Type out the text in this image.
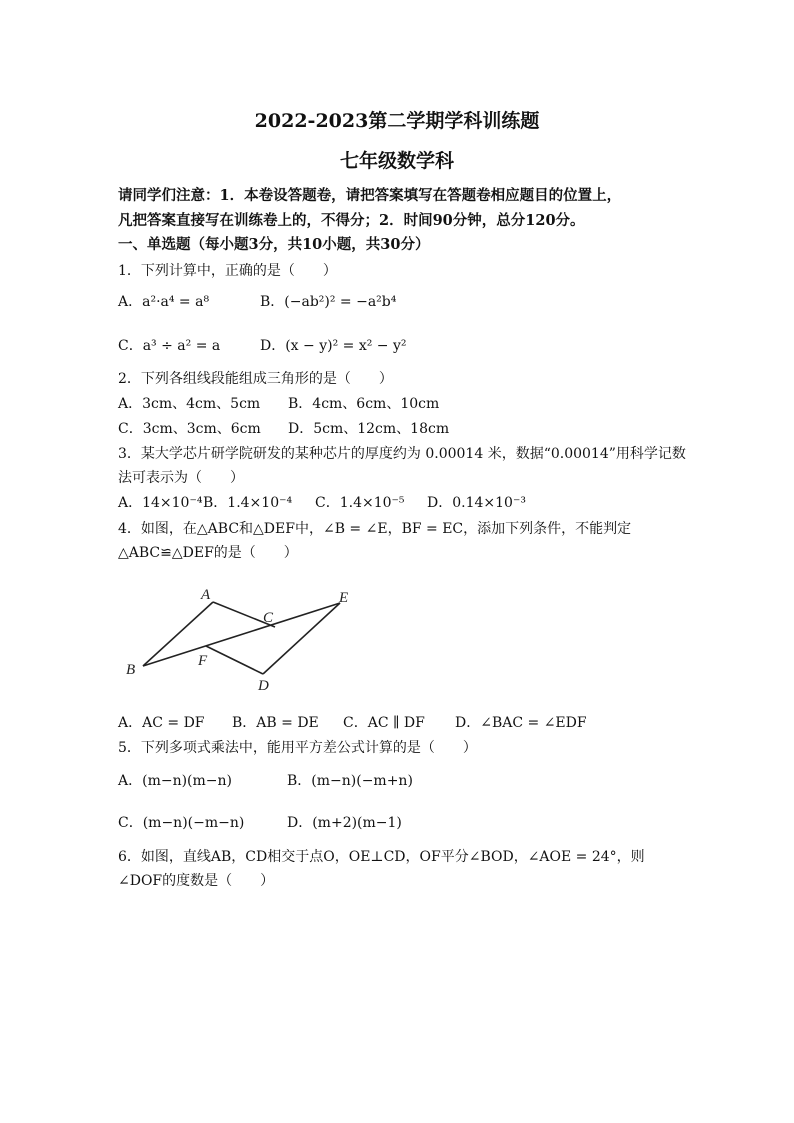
2022-2023第二学期学科训练题
七年级数学科
请同学们注意：1．本卷设答题卷，请把答案填写在答题卷相应题目的位置上，
凡把答案直接写在训练卷上的，不得分；2．时间90分钟，总分120分。
一、单选题（每小题3分，共10小题，共30分）
1．下列计算中，正确的是（　　）
A．a²·a⁴ = a⁸	B．(−ab²)² = −a²b⁴
C．a³ ÷ a² = a	D．(x − y)² = x² − y²
2．下列各组线段能组成三角形的是（　　）
A．3cm、4cm、5cm B．4cm、6cm、10cm
C．3cm、3cm、6cm D．5cm、12cm、18cm
3．某大学芯片研学院研发的某种芯片的厚度约为 0.00014 米，数据“0.00014”用科学记数
法可表示为（　　）
A．14×10⁻⁴ B．1.4×10⁻⁴ C．1.4×10⁻⁵ D．0.14×10⁻³
4．如图，在△ABC和△DEF中，∠B = ∠E，BF = EC，添加下列条件，不能判定
△ABC≌△DEF的是（　　）
A
B
C
D
E
F
A．AC = DF B．AB = DE C．AC ∥ DF D．∠BAC = ∠EDF
5．下列多项式乘法中，能用平方差公式计算的是（　　）
A．(m−n)(m−n)	B．(m−n)(−m+n)
C．(m−n)(−m−n)	D．(m+2)(m−1)
6．如图，直线AB，CD相交于点O，OE⊥CD，OF平分∠BOD，∠AOE = 24°，则
∠DOF的度数是（　　）
